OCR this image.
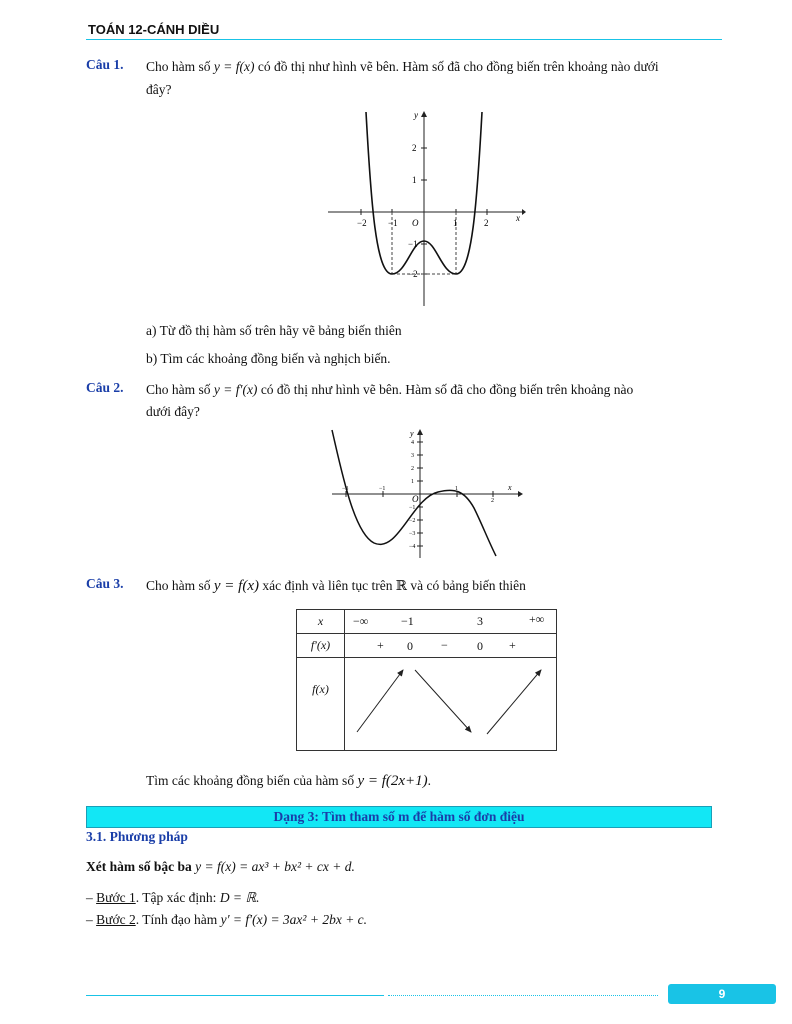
TOÁN 12-CÁNH DIỀU
Câu 1. Cho hàm số y = f(x) có đồ thị như hình vẽ bên. Hàm số đã cho đồng biến trên khoảng nào dưới
đây?
−2 −1 O	1	2	x
y
2
1
−1
−2
a) Từ đồ thị hàm số trên hãy vẽ bảng biến thiên
b) Tìm các khoảng đồng biến và nghịch biến.
Câu 2. Cho hàm số y = f′(x) có đồ thị như hình vẽ bên. Hàm số đã cho đồng biến trên khoảng nào
dưới đây?
4
3
2
1
−1
−2
−3
−4
O
−3	−1	1
2
x
y
Câu 3. Cho hàm số y = f(x) xác định và liên tục trên ℝ và có bảng biến thiên
x	−∞ −1 3 +∞

f′(x)	+ 0 − 0 +

f(x)	
Tìm các khoảng đồng biến của hàm số y = f(2x+1).
Dạng 3: Tìm tham số m để hàm số đơn điệu
3.1. Phương pháp
Xét hàm số bậc ba y = f(x) = ax³ + bx² + cx + d.
– Bước 1. Tập xác định: D = ℝ.
– Bước 2. Tính đạo hàm y′ = f′(x) = 3ax² + 2bx + c.
9
